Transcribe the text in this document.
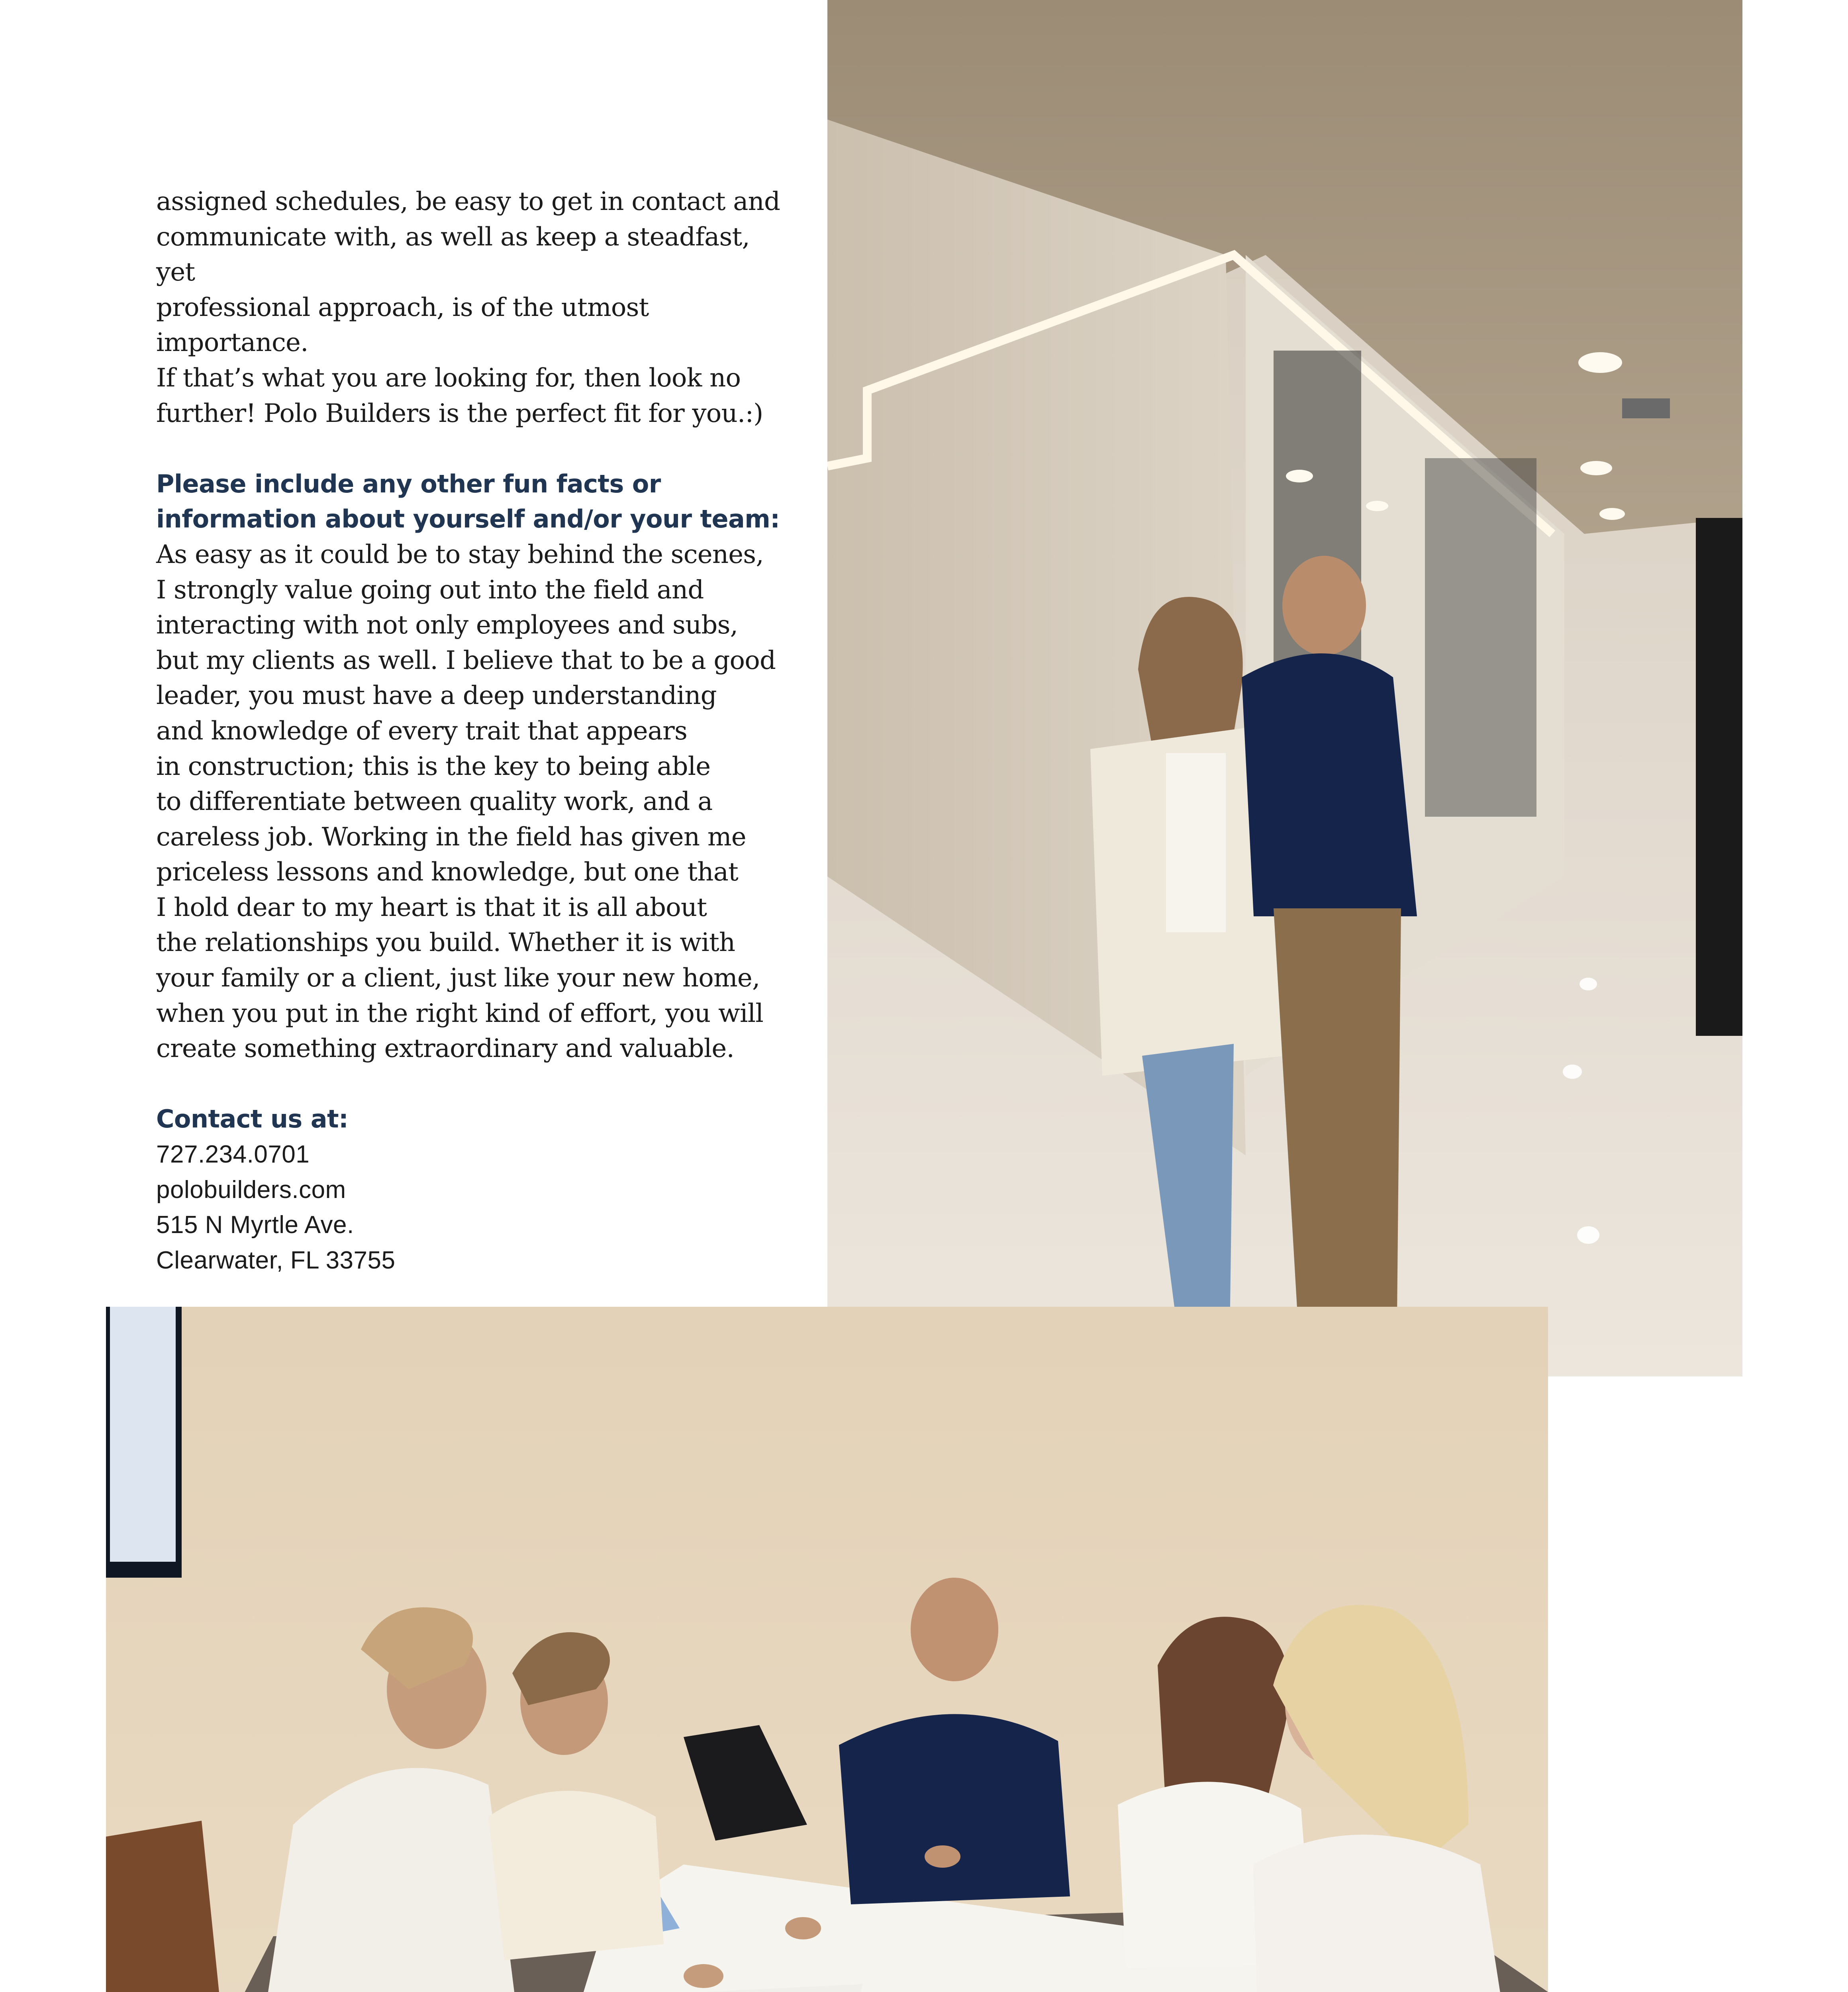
assigned schedules, be easy to get in contact and
communicate with, as well as keep a steadfast, yet
professional approach, is of the utmost importance.
If that’s what you are looking for, then look no
further! Polo Builders is the perfect fit for you.:)

Please include any other fun facts or
information about yourself and/or your team:

As easy as it could be to stay behind the scenes,
I strongly value going out into the field and
interacting with not only employees and subs,
but my clients as well. I believe that to be a good
leader, you must have a deep understanding
and knowledge of every trait that appears
in construction; this is the key to being able
to differentiate between quality work, and a
careless job. Working in the field has given me
priceless lessons and knowledge, but one that
I hold dear to my heart is that it is all about
the relationships you build. Whether it is with
your family or a client, just like your new home,
when you put in the right kind of effort, you will
create something extraordinary and valuable.

Contact us at:

727.234.0701

polobuilders.com

515 N Myrtle Ave.

Clearwater, FL 33755
